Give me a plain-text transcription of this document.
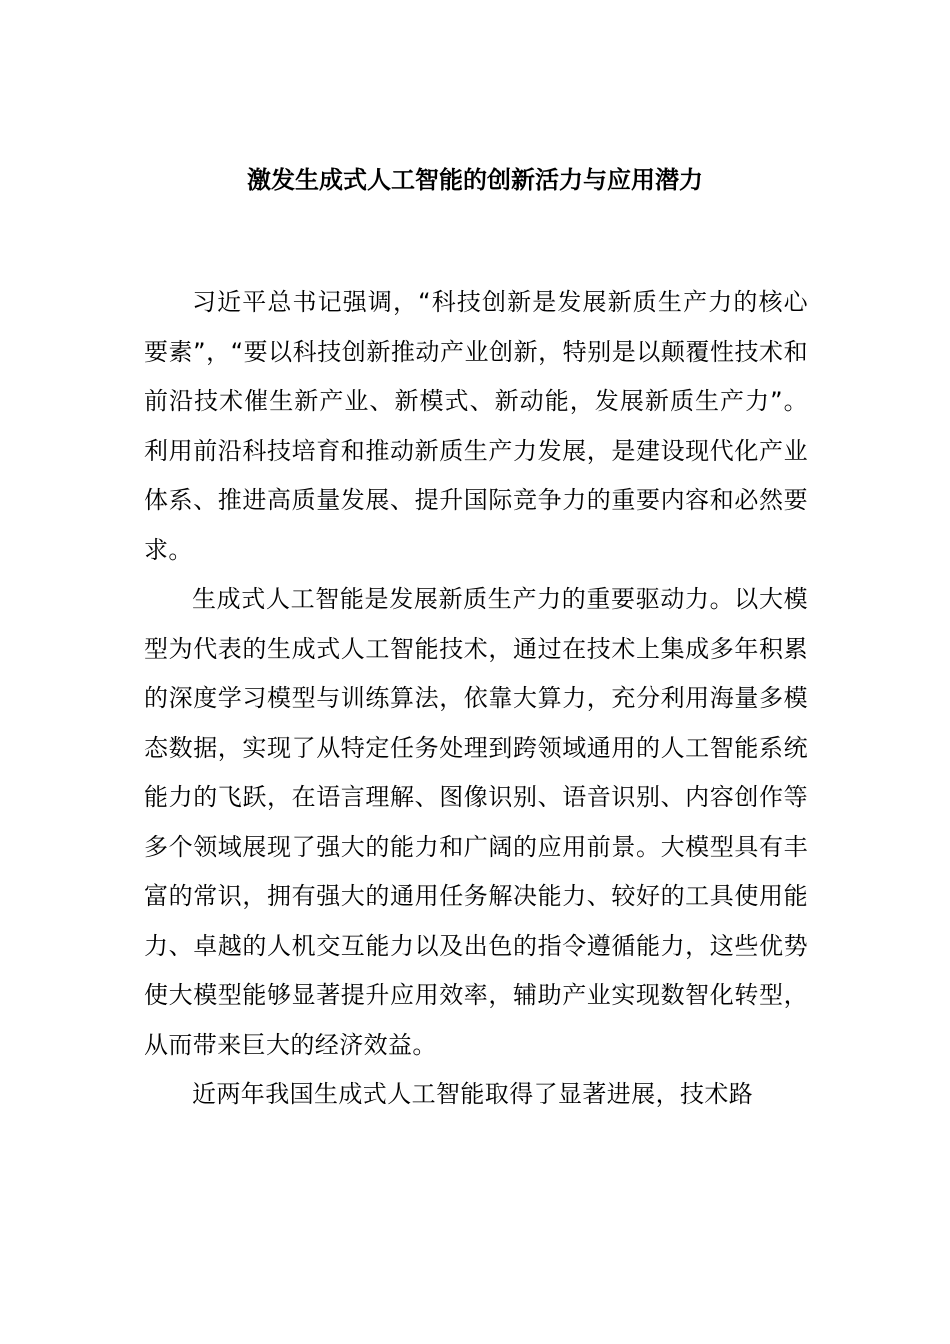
激发生成式人工智能的创新活力与应用潜力

习近平总书记强调，“科技创新是发展新质生产力的核心要素”，“要以科技创新推动产业创新，特别是以颠覆性技术和前沿技术催生新产业、新模式、新动能，发展新质生产力”。利用前沿科技培育和推动新质生产力发展，是建设现代化产业体系、推进高质量发展、提升国际竞争力的重要内容和必然要求。

生成式人工智能是发展新质生产力的重要驱动力。以大模型为代表的生成式人工智能技术，通过在技术上集成多年积累的深度学习模型与训练算法，依靠大算力，充分利用海量多模态数据，实现了从特定任务处理到跨领域通用的人工智能系统能力的飞跃，在语言理解、图像识别、语音识别、内容创作等多个领域展现了强大的能力和广阔的应用前景。大模型具有丰富的常识，拥有强大的通用任务解决能力、较好的工具使用能力、卓越的人机交互能力以及出色的指令遵循能力，这些优势使大模型能够显著提升应用效率，辅助产业实现数智化转型，从而带来巨大的经济效益。

近两年我国生成式人工智能取得了显著进展，技术路
